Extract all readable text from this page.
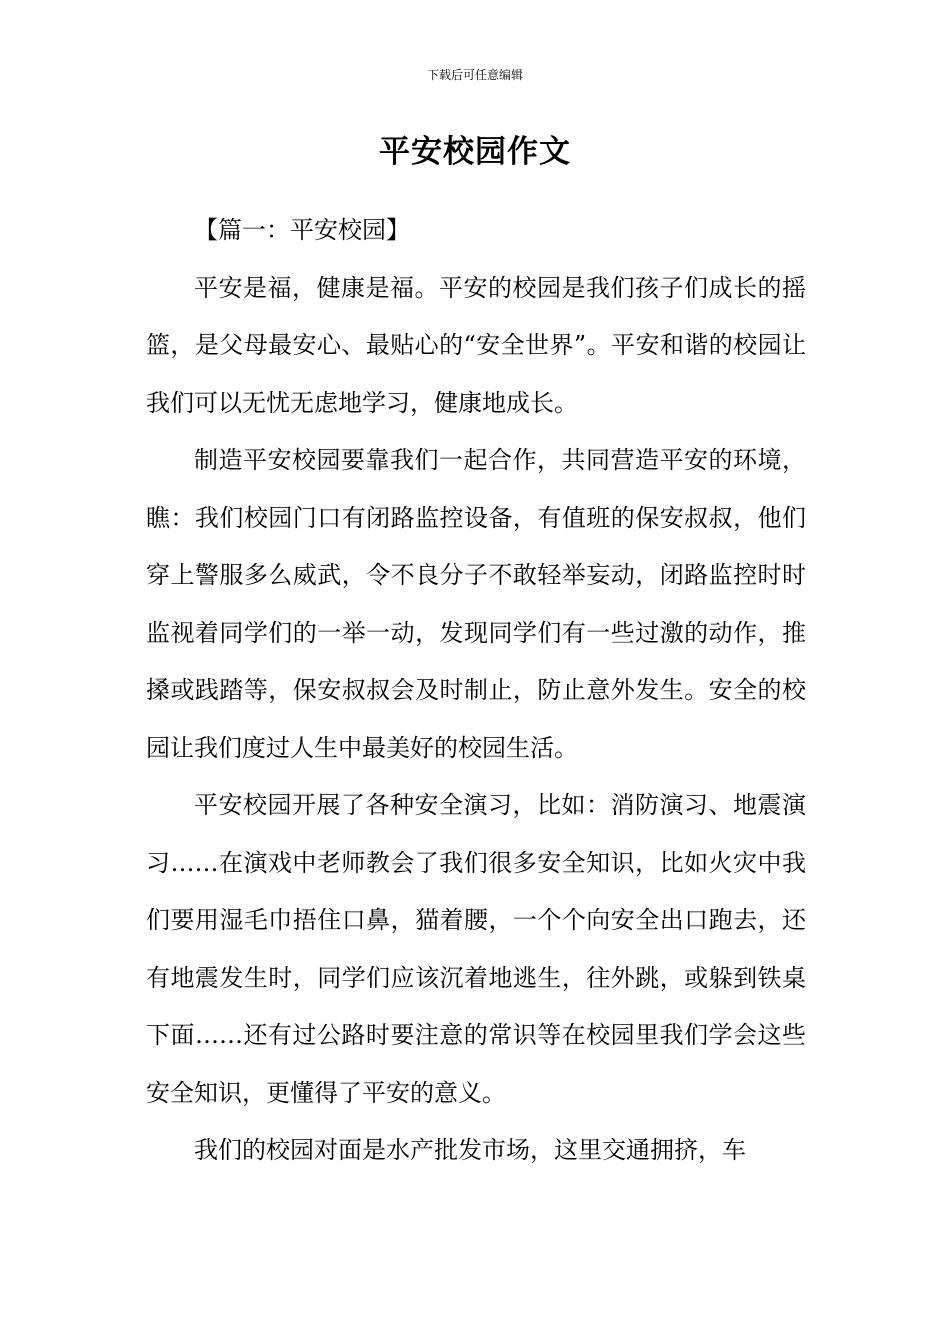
下载后可任意编辑
平安校园作文

【篇一：平安校园】

平安是福，健康是福。平安的校园是我们孩子们成长的摇篮，是父母最安心、最贴心的“安全世界”。平安和谐的校园让我们可以无忧无虑地学习，健康地成长。

制造平安校园要靠我们一起合作，共同营造平安的环境，瞧：我们校园门口有闭路监控设备，有值班的保安叔叔，他们穿上警服多么威武，令不良分子不敢轻举妄动，闭路监控时时监视着同学们的一举一动，发现同学们有一些过激的动作，推搡或践踏等，保安叔叔会及时制止，防止意外发生。安全的校园让我们度过人生中最美好的校园生活。

平安校园开展了各种安全演习，比如：消防演习、地震演习……在演戏中老师教会了我们很多安全知识，比如火灾中我们要用湿毛巾捂住口鼻，猫着腰，一个个向安全出口跑去，还有地震发生时，同学们应该沉着地逃生，往外跳，或躲到铁桌下面……还有过公路时要注意的常识等在校园里我们学会这些安全知识，更懂得了平安的意义。

我们的校园对面是水产批发市场，这里交通拥挤，车
